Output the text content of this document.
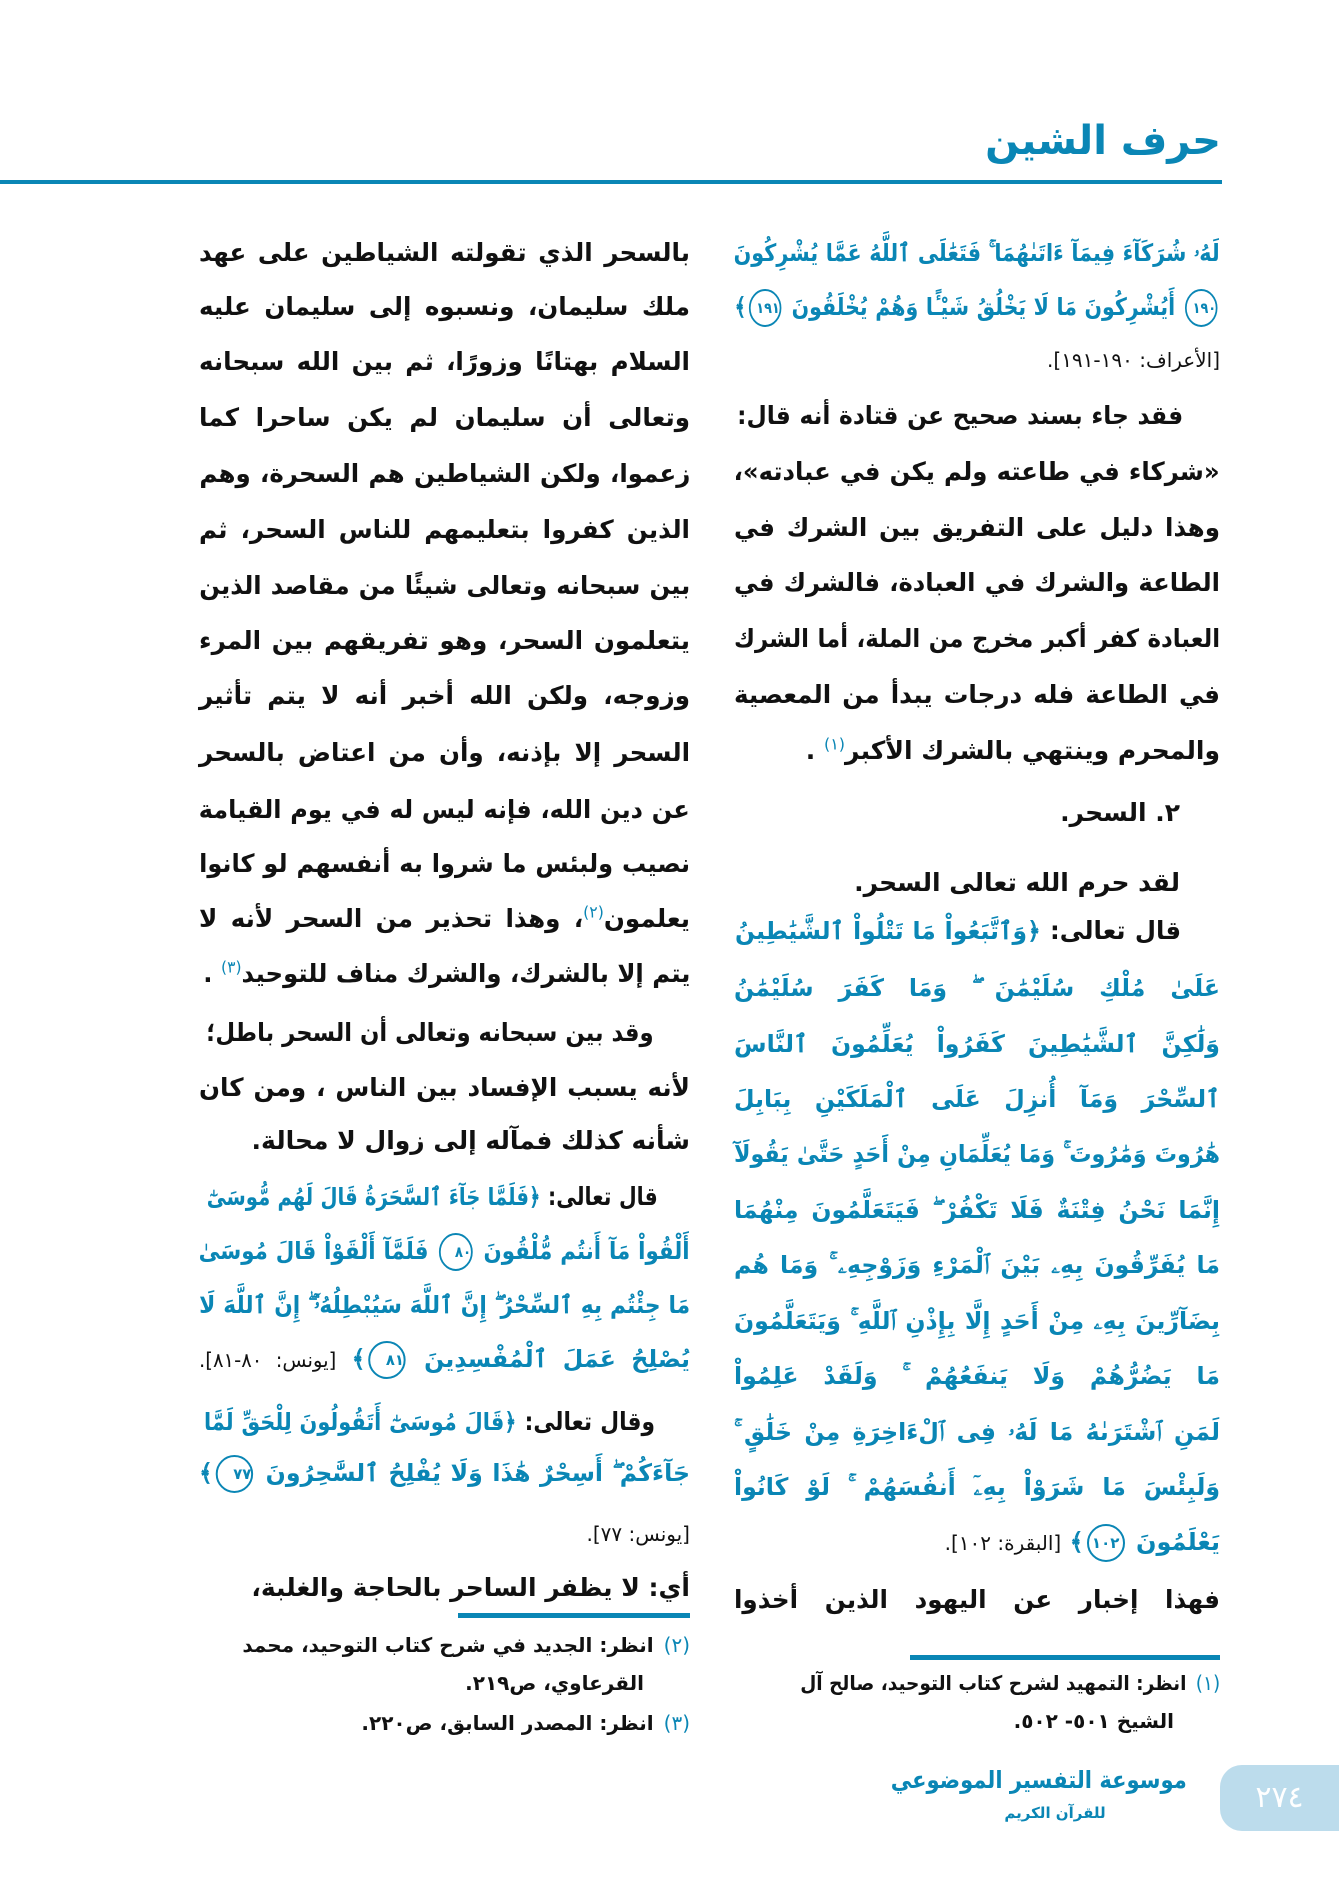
حرف الشين
لَهُۥ شُرَكَآءَ فِيمَآ ءَاتَىٰهُمَا ۚ فَتَعَٰلَى ٱللَّهُ عَمَّا يُشْرِكُونَ
١٩٠ أَيُشْرِكُونَ مَا لَا يَخْلُقُ شَيْـًٔا وَهُمْ يُخْلَقُونَ ١٩١﴾
[الأعراف: ١٩٠-١٩١].
فقد جاء بسند صحيح عن قتادة أنه قال:
«شركاء في طاعته ولم يكن في عبادته»،
وهذا دليل على التفريق بين الشرك في
الطاعة والشرك في العبادة، فالشرك في
العبادة كفر أكبر مخرج من الملة، أما الشرك
في الطاعة فله درجات يبدأ من المعصية
والمحرم وينتهي بالشرك الأكبر$^{(١)}$ .
٢. السحر.
لقد حرم الله تعالى السحر.
قال تعالى: ﴿وَٱتَّبَعُواْ مَا تَتْلُواْ ٱلشَّيَٰطِينُ
عَلَىٰ مُلْكِ سُلَيْمَٰنَ ۖ وَمَا كَفَرَ سُلَيْمَٰنُ
وَلَٰكِنَّ ٱلشَّيَٰطِينَ كَفَرُواْ يُعَلِّمُونَ ٱلنَّاسَ
ٱلسِّحْرَ وَمَآ أُنزِلَ عَلَى ٱلْمَلَكَيْنِ بِبَابِلَ
هَٰرُوتَ وَمَٰرُوتَ ۚ وَمَا يُعَلِّمَانِ مِنْ أَحَدٍ حَتَّىٰ يَقُولَآ
إِنَّمَا نَحْنُ فِتْنَةٌ فَلَا تَكْفُرْ ۖ فَيَتَعَلَّمُونَ مِنْهُمَا
مَا يُفَرِّقُونَ بِهِۦ بَيْنَ ٱلْمَرْءِ وَزَوْجِهِۦ ۚ وَمَا هُم
بِضَآرِّينَ بِهِۦ مِنْ أَحَدٍ إِلَّا بِإِذْنِ ٱللَّهِ ۚ وَيَتَعَلَّمُونَ
مَا يَضُرُّهُمْ وَلَا يَنفَعُهُمْ ۚ وَلَقَدْ عَلِمُواْ
لَمَنِ ٱشْتَرَىٰهُ مَا لَهُۥ فِى ٱلْءَاخِرَةِ مِنْ خَلَٰقٍ ۚ
وَلَبِئْسَ مَا شَرَوْاْ بِهِۦٓ أَنفُسَهُمْ ۚ لَوْ كَانُواْ
يَعْلَمُونَ ١٠٢﴾ [البقرة: ١٠٢].
فهذا إخبار عن اليهود الذين أخذوا
بالسحر الذي تقولته الشياطين على عهد
ملك سليمان، ونسبوه إلى سليمان عليه
السلام بهتانًا وزورًا، ثم بين الله سبحانه
وتعالى أن سليمان لم يكن ساحرا كما
زعموا، ولكن الشياطين هم السحرة، وهم
الذين كفروا بتعليمهم للناس السحر، ثم
بين سبحانه وتعالى شيئًا من مقاصد الذين
يتعلمون السحر، وهو تفريقهم بين المرء
وزوجه، ولكن الله أخبر أنه لا يتم تأثير
السحر إلا بإذنه، وأن من اعتاض بالسحر
عن دين الله، فإنه ليس له في يوم القيامة
نصيب ولبئس ما شروا به أنفسهم لو كانوا
يعلمون$^{(٢)}$، وهذا تحذير من السحر لأنه لا
يتم إلا بالشرك، والشرك مناف للتوحيد$^{(٣)}$ .
وقد بين سبحانه وتعالى أن السحر باطل؛
لأنه يسبب الإفساد بين الناس ، ومن كان
شأنه كذلك فمآله إلى زوال لا محالة.
قال تعالى: ﴿فَلَمَّا جَآءَ ٱلسَّحَرَةُ قَالَ لَهُم مُّوسَىٰٓ
أَلْقُواْ مَآ أَنتُم مُّلْقُونَ ٨٠ فَلَمَّآ أَلْقَوْاْ قَالَ مُوسَىٰ
مَا جِئْتُم بِهِ ٱلسِّحْرُ ۖ إِنَّ ٱللَّهَ سَيُبْطِلُهُۥٓ ۖ إِنَّ ٱللَّهَ لَا
يُصْلِحُ عَمَلَ ٱلْمُفْسِدِينَ ٨١﴾ [يونس: ٨٠-٨١].
وقال تعالى: ﴿قَالَ مُوسَىٰٓ أَتَقُولُونَ لِلْحَقِّ لَمَّا
جَآءَكُمْ ۖ أَسِحْرٌ هَٰذَا وَلَا يُفْلِحُ ٱلسَّٰحِرُونَ ٧٧﴾
[يونس: ٧٧].
أي: لا يظفر الساحر بالحاجة والغلبة،
(١)انظر: التمهيد لشرح كتاب التوحيد، صالح آل
الشيخ ٥٠١- ٥٠٢.
(٢)انظر: الجديد في شرح كتاب التوحيد، محمد
القرعاوي، ص٢١٩.
(٣)انظر: المصدر السابق، ص٢٢٠.
موسوعة التفسير الموضوعي
للقرآن الكريم	٢٧٤
